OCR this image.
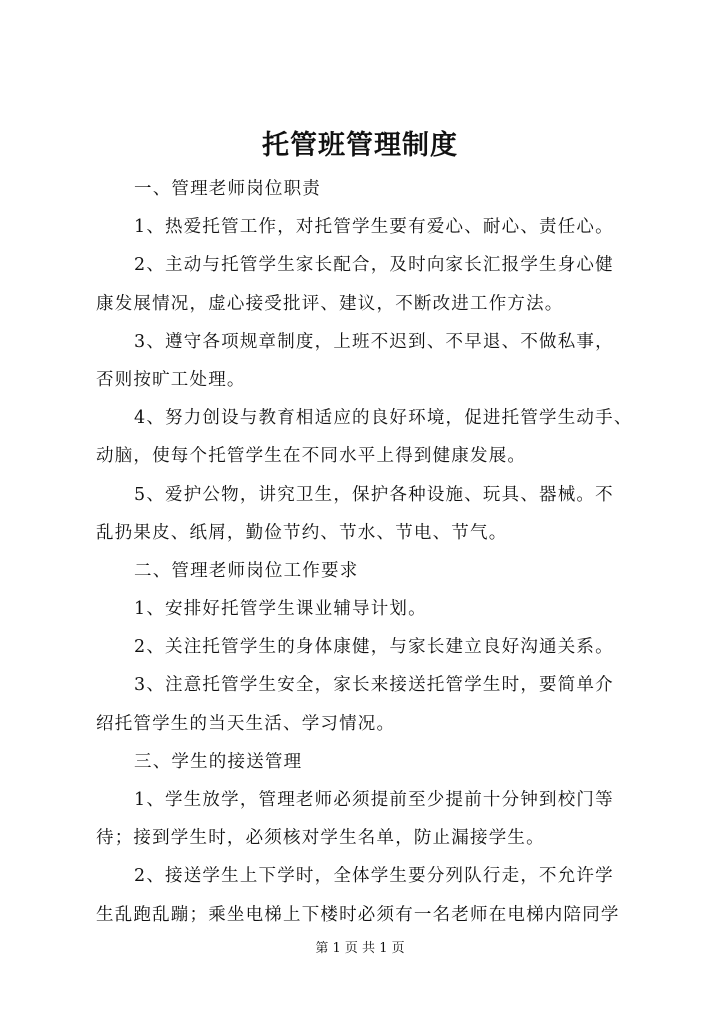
托管班管理制度
一、管理老师岗位职责
1、热爱托管工作，对托管学生要有爱心、耐心、责任心。
2、主动与托管学生家长配合，及时向家长汇报学生身心健
康发展情况，虚心接受批评、建议，不断改进工作方法。
3、遵守各项规章制度，上班不迟到、不早退、不做私事，
否则按旷工处理。
4、努力创设与教育相适应的良好环境，促进托管学生动手、
动脑，使每个托管学生在不同水平上得到健康发展。
5、爱护公物，讲究卫生，保护各种设施、玩具、器械。不
乱扔果皮、纸屑，勤俭节约、节水、节电、节气。
二、管理老师岗位工作要求
1、安排好托管学生课业辅导计划。
2、关注托管学生的身体康健，与家长建立良好沟通关系。
3、注意托管学生安全，家长来接送托管学生时，要简单介
绍托管学生的当天生活、学习情况。
三、学生的接送管理
1、学生放学，管理老师必须提前至少提前十分钟到校门等
待；接到学生时，必须核对学生名单，防止漏接学生。
2、接送学生上下学时，全体学生要分列队行走，不允许学
生乱跑乱蹦；乘坐电梯上下楼时必须有一名老师在电梯内陪同学
第 1 页 共 1 页
